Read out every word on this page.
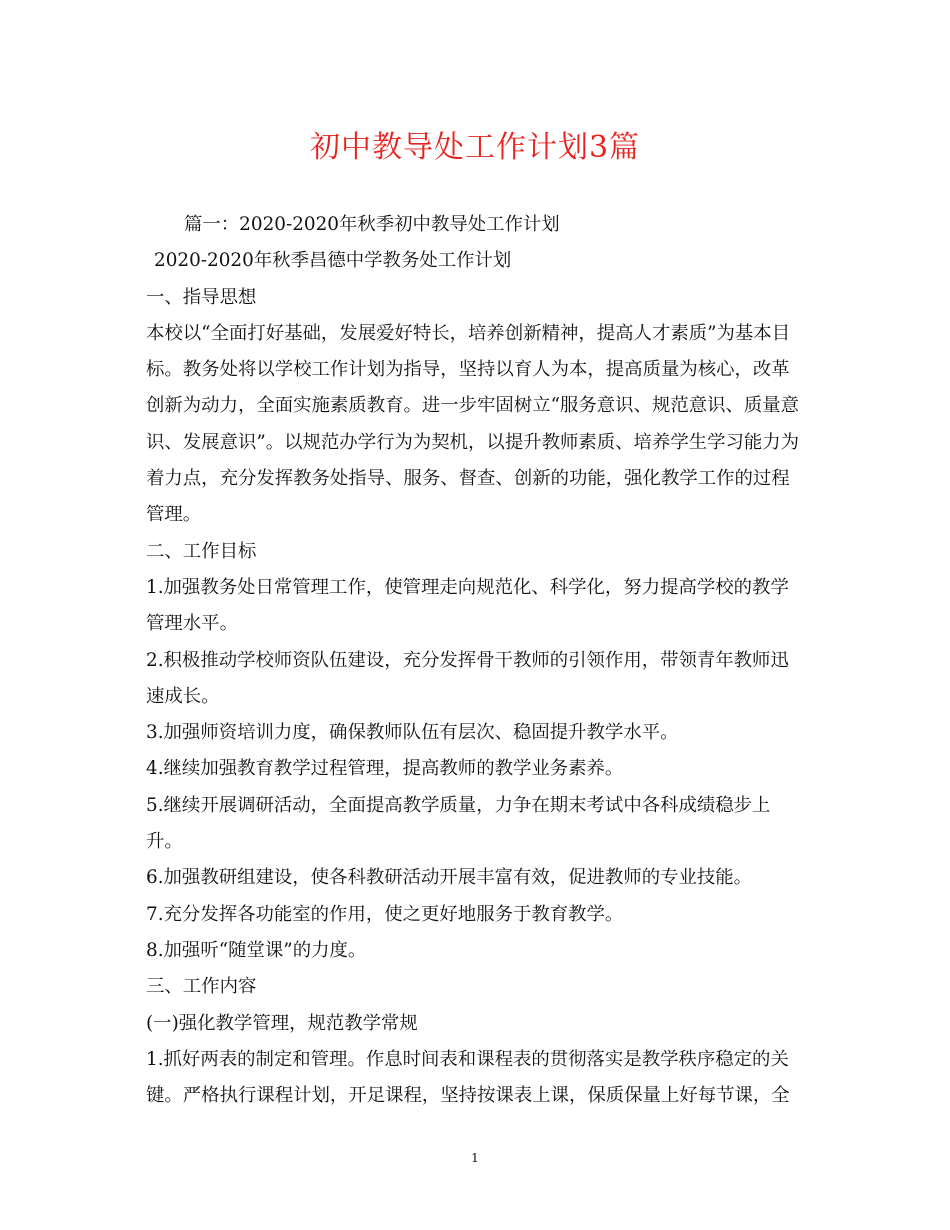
初中教导处工作计划3篇
篇一：2020-2020年秋季初中教导处工作计划
2020-2020年秋季昌德中学教务处工作计划
一、指导思想
本校以“全面打好基础，发展爱好特长，培养创新精神，提高人才素质”为基本目
标。教务处将以学校工作计划为指导，坚持以育人为本，提高质量为核心，改革
创新为动力，全面实施素质教育。进一步牢固树立“服务意识、规范意识、质量意
识、发展意识”。以规范办学行为为契机，以提升教师素质、培养学生学习能力为
着力点，充分发挥教务处指导、服务、督查、创新的功能，强化教学工作的过程
管理。
二、工作目标
1.加强教务处日常管理工作，使管理走向规范化、科学化，努力提高学校的教学
管理水平。
2.积极推动学校师资队伍建设，充分发挥骨干教师的引领作用，带领青年教师迅
速成长。
3.加强师资培训力度，确保教师队伍有层次、稳固提升教学水平。
4.继续加强教育教学过程管理，提高教师的教学业务素养。
5.继续开展调研活动，全面提高教学质量，力争在期末考试中各科成绩稳步上
升。
6.加强教研组建设，使各科教研活动开展丰富有效，促进教师的专业技能。
7.充分发挥各功能室的作用，使之更好地服务于教育教学。
8.加强听“随堂课”的力度。
三、工作内容
(一)强化教学管理，规范教学常规
1.抓好两表的制定和管理。作息时间表和课程表的贯彻落实是教学秩序稳定的关
键。严格执行课程计划，开足课程，坚持按课表上课，保质保量上好每节课，全
1
